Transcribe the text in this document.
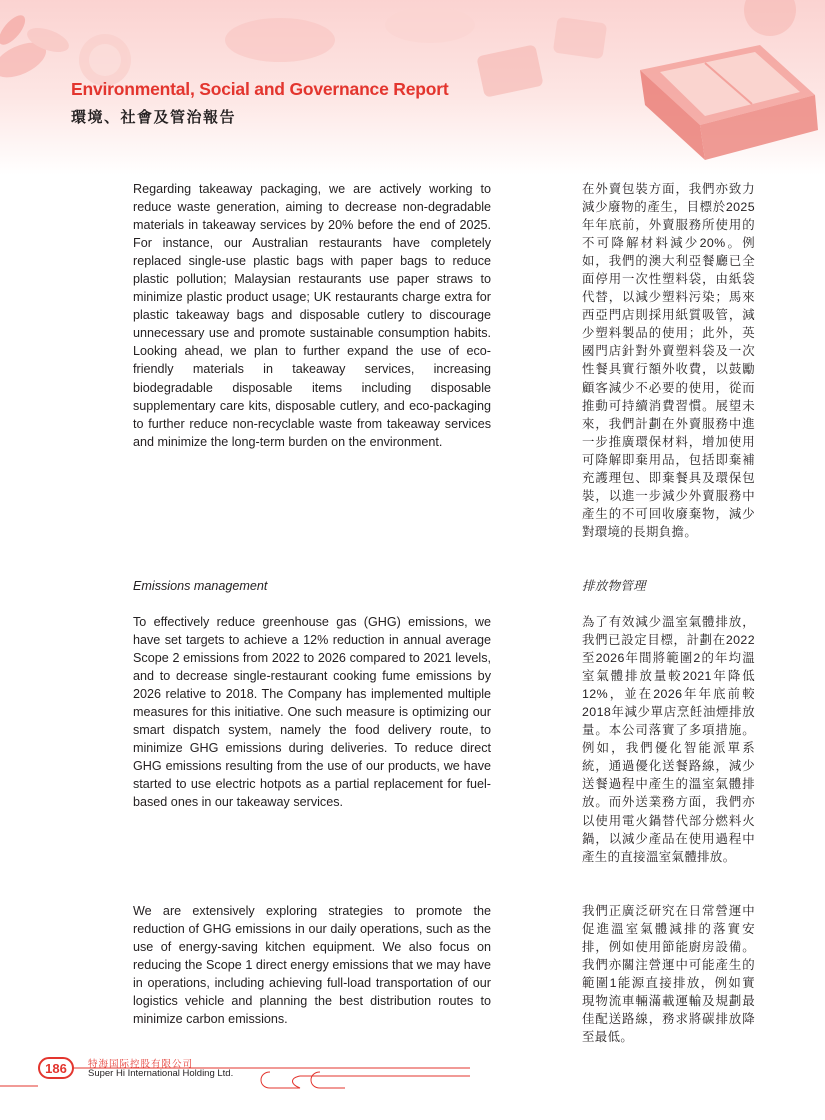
Environmental, Social and Governance Report
環境、社會及管治報告

Regarding takeaway packaging, we are actively working to reduce waste generation, aiming to decrease non-degradable materials in takeaway services by 20% before the end of 2025. For instance, our Australian restaurants have completely replaced single-use plastic bags with paper bags to reduce plastic pollution; Malaysian restaurants use paper straws to minimize plastic product usage; UK restaurants charge extra for plastic takeaway bags and disposable cutlery to discourage unnecessary use and promote sustainable consumption habits. Looking ahead, we plan to further expand the use of eco-friendly materials in takeaway services, increasing biodegradable disposable items including disposable supplementary care kits, disposable cutlery, and eco-packaging to further reduce non-recyclable waste from takeaway services and minimize the long-term burden on the environment.

在外賣包裝方面，我們亦致力減少廢物的產生，目標於2025年年底前，外賣服務所使用的不可降解材料減少20%。例如，我們的澳大利亞餐廳已全面停用一次性塑料袋，由紙袋代替，以減少塑料污染；馬來西亞門店則採用紙質吸管，減少塑料製品的使用；此外，英國門店針對外賣塑料袋及一次性餐具實行額外收費，以鼓勵顧客減少不必要的使用，從而推動可持續消費習慣。展望未來，我們計劃在外賣服務中進一步推廣環保材料，增加使用可降解即棄用品，包括即棄補充護理包、即棄餐具及環保包裝，以進一步減少外賣服務中產生的不可回收廢棄物，減少對環境的長期負擔。

Emissions management	排放物管理

To effectively reduce greenhouse gas (GHG) emissions, we have set targets to achieve a 12% reduction in annual average Scope 2 emissions from 2022 to 2026 compared to 2021 levels, and to decrease single-restaurant cooking fume emissions by 2026 relative to 2018. The Company has implemented multiple measures for this initiative. One such measure is optimizing our smart dispatch system, namely the food delivery route, to minimize GHG emissions during deliveries. To reduce direct GHG emissions resulting from the use of our products, we have started to use electric hotpots as a partial replacement for fuel-based ones in our takeaway services.

為了有效減少溫室氣體排放，我們已設定目標，計劃在2022至2026年間將範圍2的年均溫室氣體排放量較2021年降低12%，並在2026年年底前較2018年減少單店烹飪油煙排放量。本公司落實了多項措施。例如，我們優化智能派單系統，通過優化送餐路線，減少送餐過程中產生的溫室氣體排放。而外送業務方面，我們亦以使用電火鍋替代部分燃料火鍋，以減少產品在使用過程中產生的直接溫室氣體排放。

We are extensively exploring strategies to promote the reduction of GHG emissions in our daily operations, such as the use of energy-saving kitchen equipment. We also focus on reducing the Scope 1 direct energy emissions that we may have in operations, including achieving full-load transportation of our logistics vehicle and planning the best distribution routes to minimize carbon emissions.

我們正廣泛研究在日常營運中促進溫室氣體減排的落實安排，例如使用節能廚房設備。我們亦關注營運中可能產生的範圍1能源直接排放，例如實現物流車輛滿載運輸及規劃最佳配送路線，務求將碳排放降至最低。

186	特海国际控股有限公司
Super Hi International Holding Ltd.
